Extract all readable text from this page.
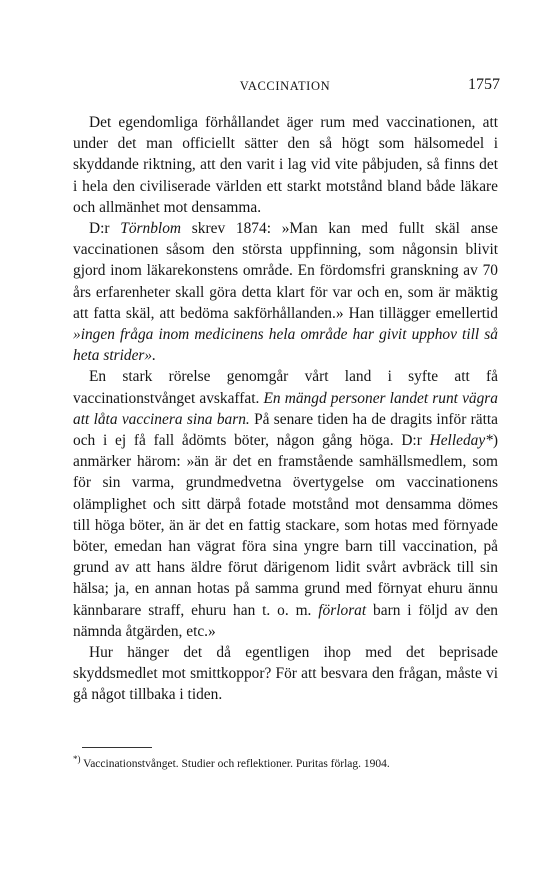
VACCINATION	1757

Det egendomliga förhållandet äger rum med vaccinationen, att under det man officiellt sätter den så högt som hälsomedel i skyddande riktning, att den varit i lag vid vite påbjuden, så finns det i hela den civiliserade världen ett starkt motstånd bland både läkare och allmänhet mot densamma.

D:r Törnblom skrev 1874: »Man kan med fullt skäl anse vaccinationen såsom den största uppfinning, som någonsin blivit gjord inom läkarekonstens område. En fördomsfri granskning av 70 års erfarenheter skall göra detta klart för var och en, som är mäktig att fatta skäl, att bedöma sakförhållanden.» Han tillägger emellertid »ingen fråga inom medicinens hela område har givit upphov till så heta strider».

En stark rörelse genomgår vårt land i syfte att få vaccinationstvånget avskaffat. En mängd personer landet runt vägra att låta vaccinera sina barn. På senare tiden ha de dragits inför rätta och i ej få fall ådömts böter, någon gång höga. D:r Helleday*) anmärker härom: »än är det en framstående samhällsmedlem, som för sin varma, grundmedvetna övertygelse om vaccinationens olämplighet och sitt därpå fotade motstånd mot densamma dömes till höga böter, än är det en fattig stackare, som hotas med förnyade böter, emedan han vägrat föra sina yngre barn till vaccination, på grund av att hans äldre förut därigenom lidit svårt avbräck till sin hälsa; ja, en annan hotas på samma grund med förnyat ehuru ännu kännbarare straff, ehuru han t. o. m. förlorat barn i följd av den nämnda åtgärden, etc.»

Hur hänger det då egentligen ihop med det beprisade skyddsmedlet mot smittkoppor? För att besvara den frågan, måste vi gå något tillbaka i tiden.

*) Vaccinationstvånget. Studier och reflektioner. Puritas förlag. 1904.
